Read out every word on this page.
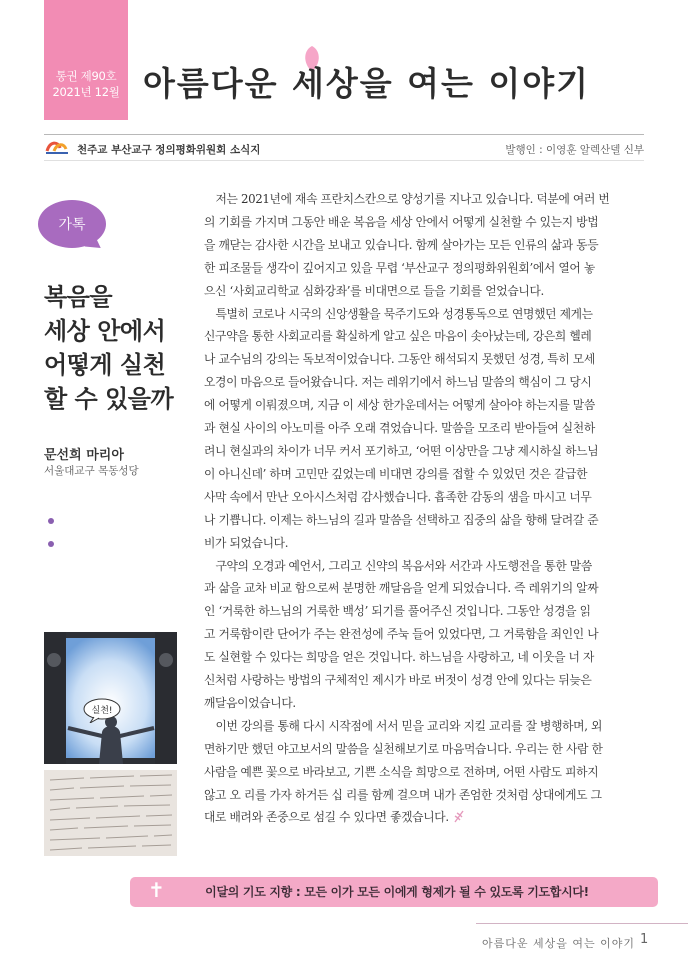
통권 제90호
2021년 12월 아름다운 세상을 여는 이야기
천주교 부산교구 정의평화위원회 소식지	발행인 : 이영훈 알렉산델 신부
가톡
복음을
세상 안에서
어떻게 실천
할 수 있을까
문선희 마리아
서울대교구 목동성당
실천!
　저는 2021년에 재속 프란치스칸으로 양성기를 지나고 있습니다. 덕분에 여러 번
의 기회를 가지며 그동안 배운 복음을 세상 안에서 어떻게 실천할 수 있는지 방법
을 깨닫는 감사한 시간을 보내고 있습니다. 함께 살아가는 모든 인류의 삶과 동등
한 피조물들 생각이 깊어지고 있을 무렵 ‘부산교구 정의평화위원회’에서 열어 놓
으신 ‘사회교리학교 심화강좌’를 비대면으로 들을 기회를 얻었습니다.
　특별히 코로나 시국의 신앙생활을 묵주기도와 성경통독으로 연명했던 제게는
신구약을 통한 사회교리를 확실하게 알고 싶은 마음이 솟아났는데, 강은희 헬레
나 교수님의 강의는 독보적이었습니다. 그동안 해석되지 못했던 성경, 특히 모세
오경이 마음으로 들어왔습니다. 저는 레위기에서 하느님 말씀의 핵심이 그 당시
에 어떻게 이뤄졌으며, 지금 이 세상 한가운데서는 어떻게 살아야 하는지를 말씀
과 현실 사이의 아노미를 아주 오래 겪었습니다. 말씀을 모조리 받아들여 실천하
려니 현실과의 차이가 너무 커서 포기하고, ‘어떤 이상만을 그냥 제시하실 하느님
이 아니신데’ 하며 고민만 깊었는데 비대면 강의를 접할 수 있었던 것은 갈급한
사막 속에서 만난 오아시스처럼 감사했습니다. 흡족한 감동의 샘을 마시고 너무
나 기쁩니다. 이제는 하느님의 길과 말씀을 선택하고 집중의 삶을 향해 달려갈 준
비가 되었습니다.
　구약의 오경과 예언서, 그리고 신약의 복음서와 서간과 사도행전을 통한 말씀
과 삶을 교차 비교 함으로써 분명한 깨달음을 얻게 되었습니다. 즉 레위기의 알짜
인 ‘거룩한 하느님의 거룩한 백성’ 되기를 풀어주신 것입니다. 그동안 성경을 읽
고 거룩함이란 단어가 주는 완전성에 주눅 들어 있었다면, 그 거룩함을 죄인인 나
도 실현할 수 있다는 희망을 얻은 것입니다. 하느님을 사랑하고, 네 이웃을 너 자
신처럼 사랑하는 방법의 구체적인 제시가 바로 버젓이 성경 안에 있다는 뒤늦은
깨달음이었습니다.
　이번 강의를 통해 다시 시작점에 서서 믿을 교리와 지킬 교리를 잘 병행하며, 외
면하기만 했던 야고보서의 말씀을 실천해보기로 마음먹습니다. 우리는 한 사람 한
사람을 예쁜 꽃으로 바라보고, 기쁜 소식을 희망으로 전하며, 어떤 사람도 피하지
않고 오 리를 가자 하거든 십 리를 함께 걸으며 내가 존엄한 것처럼 상대에게도 그
대로 배려와 존중으로 섬길 수 있다면 좋겠습니다.
✝	이달의 기도 지향 : 모든 이가 모든 이에게 형제가 될 수 있도록 기도합시다!
아름다운 세상을 여는 이야기 1
